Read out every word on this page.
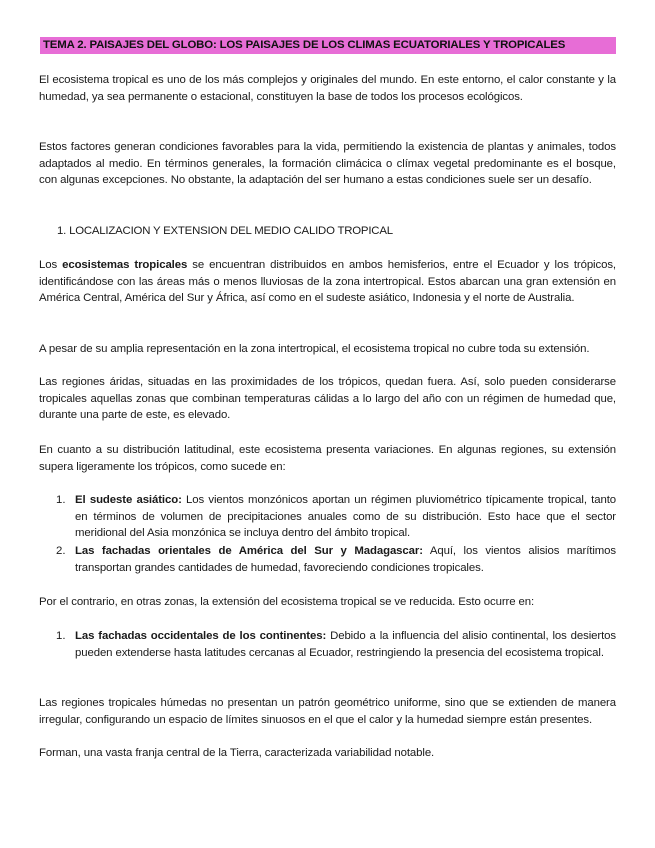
TEMA 2. PAISAJES DEL GLOBO: LOS PAISAJES DE LOS CLIMAS ECUATORIALES Y TROPICALES
El ecosistema tropical es uno de los más complejos y originales del mundo. En este entorno, el calor constante y la humedad, ya sea permanente o estacional, constituyen la base de todos los procesos ecológicos.
Estos factores generan condiciones favorables para la vida, permitiendo la existencia de plantas y animales, todos adaptados al medio. En términos generales, la formación climácica o clímax vegetal predominante es el bosque, con algunas excepciones. No obstante, la adaptación del ser humano a estas condiciones suele ser un desafío.
1. LOCALIZACION Y EXTENSION DEL MEDIO CALIDO TROPICAL
Los ecosistemas tropicales se encuentran distribuidos en ambos hemisferios, entre el Ecuador y los trópicos, identificándose con las áreas más o menos lluviosas de la zona intertropical. Estos abarcan una gran extensión en América Central, América del Sur y África, así como en el sudeste asiático, Indonesia y el norte de Australia.
A pesar de su amplia representación en la zona intertropical, el ecosistema tropical no cubre toda su extensión.
Las regiones áridas, situadas en las proximidades de los trópicos, quedan fuera. Así, solo pueden considerarse tropicales aquellas zonas que combinan temperaturas cálidas a lo largo del año con un régimen de humedad que, durante una parte de este, es elevado.
En cuanto a su distribución latitudinal, este ecosistema presenta variaciones. En algunas regiones, su extensión supera ligeramente los trópicos, como sucede en:
1. El sudeste asiático: Los vientos monzónicos aportan un régimen pluviométrico típicamente tropical, tanto en términos de volumen de precipitaciones anuales como de su distribución. Esto hace que el sector meridional del Asia monzónica se incluya dentro del ámbito tropical.
2. Las fachadas orientales de América del Sur y Madagascar: Aquí, los vientos alisios marítimos transportan grandes cantidades de humedad, favoreciendo condiciones tropicales.
Por el contrario, en otras zonas, la extensión del ecosistema tropical se ve reducida. Esto ocurre en:
1. Las fachadas occidentales de los continentes: Debido a la influencia del alisio continental, los desiertos pueden extenderse hasta latitudes cercanas al Ecuador, restringiendo la presencia del ecosistema tropical.
Las regiones tropicales húmedas no presentan un patrón geométrico uniforme, sino que se extienden de manera irregular, configurando un espacio de límites sinuosos en el que el calor y la humedad siempre están presentes.
Forman, una vasta franja central de la Tierra, caracterizada variabilidad notable.
